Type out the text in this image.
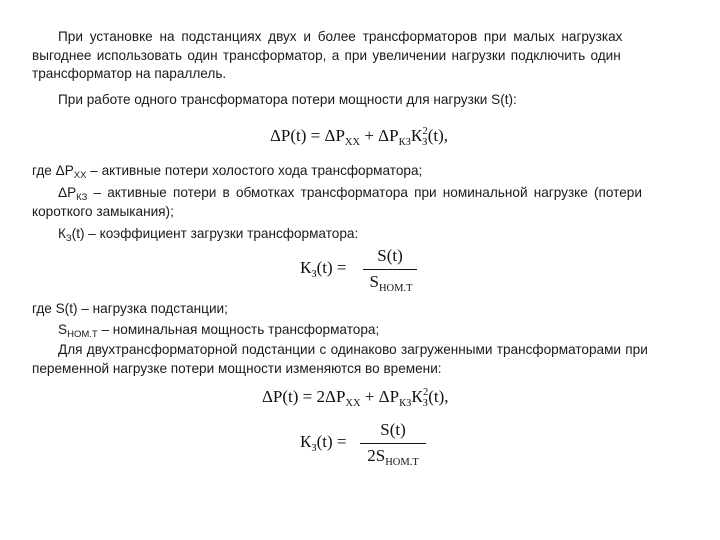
При установке на подстанциях двух и более трансформаторов при малых нагрузках
выгоднее использовать один трансформатор, а при увеличении нагрузки подключить один
трансформатор на параллель.
При работе одного трансформатора потери мощности для нагрузки S(t):
$\Delta P(t) = \Delta P_{ХХ} + \Delta P_{КЗ}К_З^2(t)$,
где $\Delta P_{ХХ}$ – активные потери холостого хода трансформатора;
$\Delta P_{КЗ}$ – активные потери в обмотках трансформатора при номинальной нагрузке (потери
короткого замыкания);
$К_З(t)$ – коэффициент загрузки трансформатора:
$К_З(t)$ =
S(t)
$S_{НОМ.Т}$
где S(t) – нагрузка подстанции;
$S_{НОМ.Т}$ – номинальная мощность трансформатора;
Для двухтрансформаторной подстанции с одинаково загруженными трансформаторами при
переменной нагрузке потери мощности изменяются во времени:
$\Delta P(t) = 2\Delta P_{ХХ} + \Delta P_{КЗ}К_З^2(t)$,
$К_З(t)$ =
S(t)
$2S_{НОМ.Т}$
